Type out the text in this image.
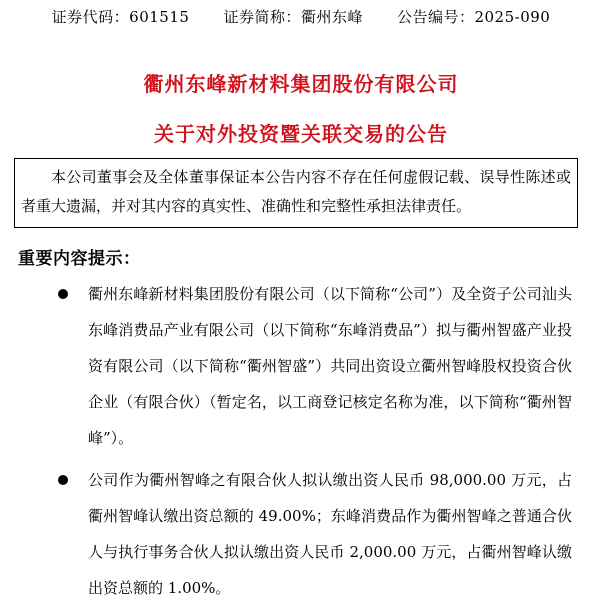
证券代码：601515 证券简称：衢州东峰 公告编号：2025-090
衢州东峰新材料集团股份有限公司
关于对外投资暨关联交易的公告

本公司董事会及全体董事保证本公告内容不存在任何虚假记载、误导性陈述或者重大遗漏，并对其内容的真实性、准确性和完整性承担法律责任。

重要内容提示：
衢州东峰新材料集团股份有限公司（以下简称“公司”）及全资子公司汕头东峰消费品产业有限公司（以下简称“东峰消费品”）拟与衢州智盛产业投资有限公司（以下简称“衢州智盛”）共同出资设立衢州智峰股权投资合伙企业（有限合伙）（暂定名，以工商登记核定名称为准，以下简称“衢州智峰”）。
公司作为衢州智峰之有限合伙人拟认缴出资人民币 98,000.00 万元，占衢州智峰认缴出资总额的 49.00%；东峰消费品作为衢州智峰之普通合伙人与执行事务合伙人拟认缴出资人民币 2,000.00 万元，占衢州智峰认缴出资总额的 1.00%。
